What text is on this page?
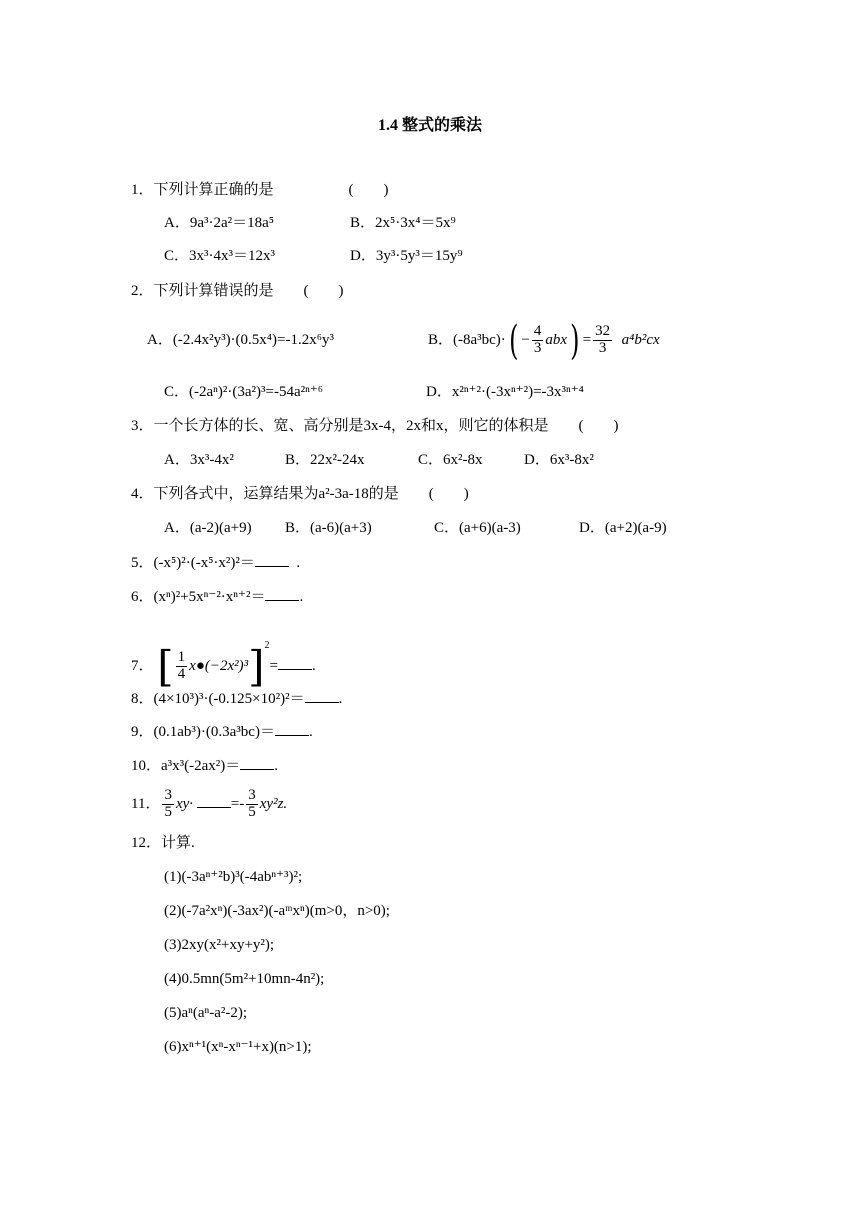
1.4 整式的乘法
1．下列计算正确的是　　　　　(　　)
A．9a³·2a²＝18a⁵	B．2x⁵·3x⁴＝5x⁹
C．3x³·4x³＝12x³	D．3y³·5y³＝15y⁹
2．下列计算错误的是　　(　　)
A．(-2.4x²y³)·(0.5x⁴)=-1.2x⁶y³	B．$(-8a^3bc)\cdot( - \frac{4}{3} abx) = \frac{32}{3} a^4b^2cx$
C．(-2aⁿ)²·(3a²)³=-54a²ⁿ⁺⁶	D．x²ⁿ⁺²·(-3xⁿ⁺²)=-3x³ⁿ⁺⁴
3．一个长方体的长、宽、高分别是3x-4，2x和x，则它的体积是　　(　　)
A．3x³-4x²	B．22x²-24x	C．6x²-8x	D．6x³-8x²
4．下列各式中，运算结果为a²-3a-18的是　　(　　)
A．(a-2)(a+9) B．(a-6)(a+3)	C．(a+6)(a-3)	D．(a+2)(a-9)
5．(-x⁵)²·(-x⁵·x²)²＝	.
6．(xⁿ)²+5xⁿ⁻²·xⁿ⁺²＝ .
7． [ $\frac{1}{4}$ x●(−2x²)³]$^2$= .
8．(4×10³)³·(-0.125×10²)²＝ .
9．(0.1ab³)·(0.3a³bc)＝ .
10．a³x³(-2ax²)＝ .
11． $\frac{3}{5} xy\cdot$	=- $\frac{3}{5} xy^2z$.
12．计算.
(1)(-3aⁿ⁺²b)³(-4abⁿ⁺³)²;
(2)(-7a²xⁿ)(-3ax²)(-aᵐxⁿ)(m>0，n>0);
(3)2xy(x²+xy+y²);
(4)0.5mn(5m²+10mn-4n²);
(5)aⁿ(aⁿ-a²-2);
(6)xⁿ⁺¹(xⁿ-xⁿ⁻¹+x)(n>1);
